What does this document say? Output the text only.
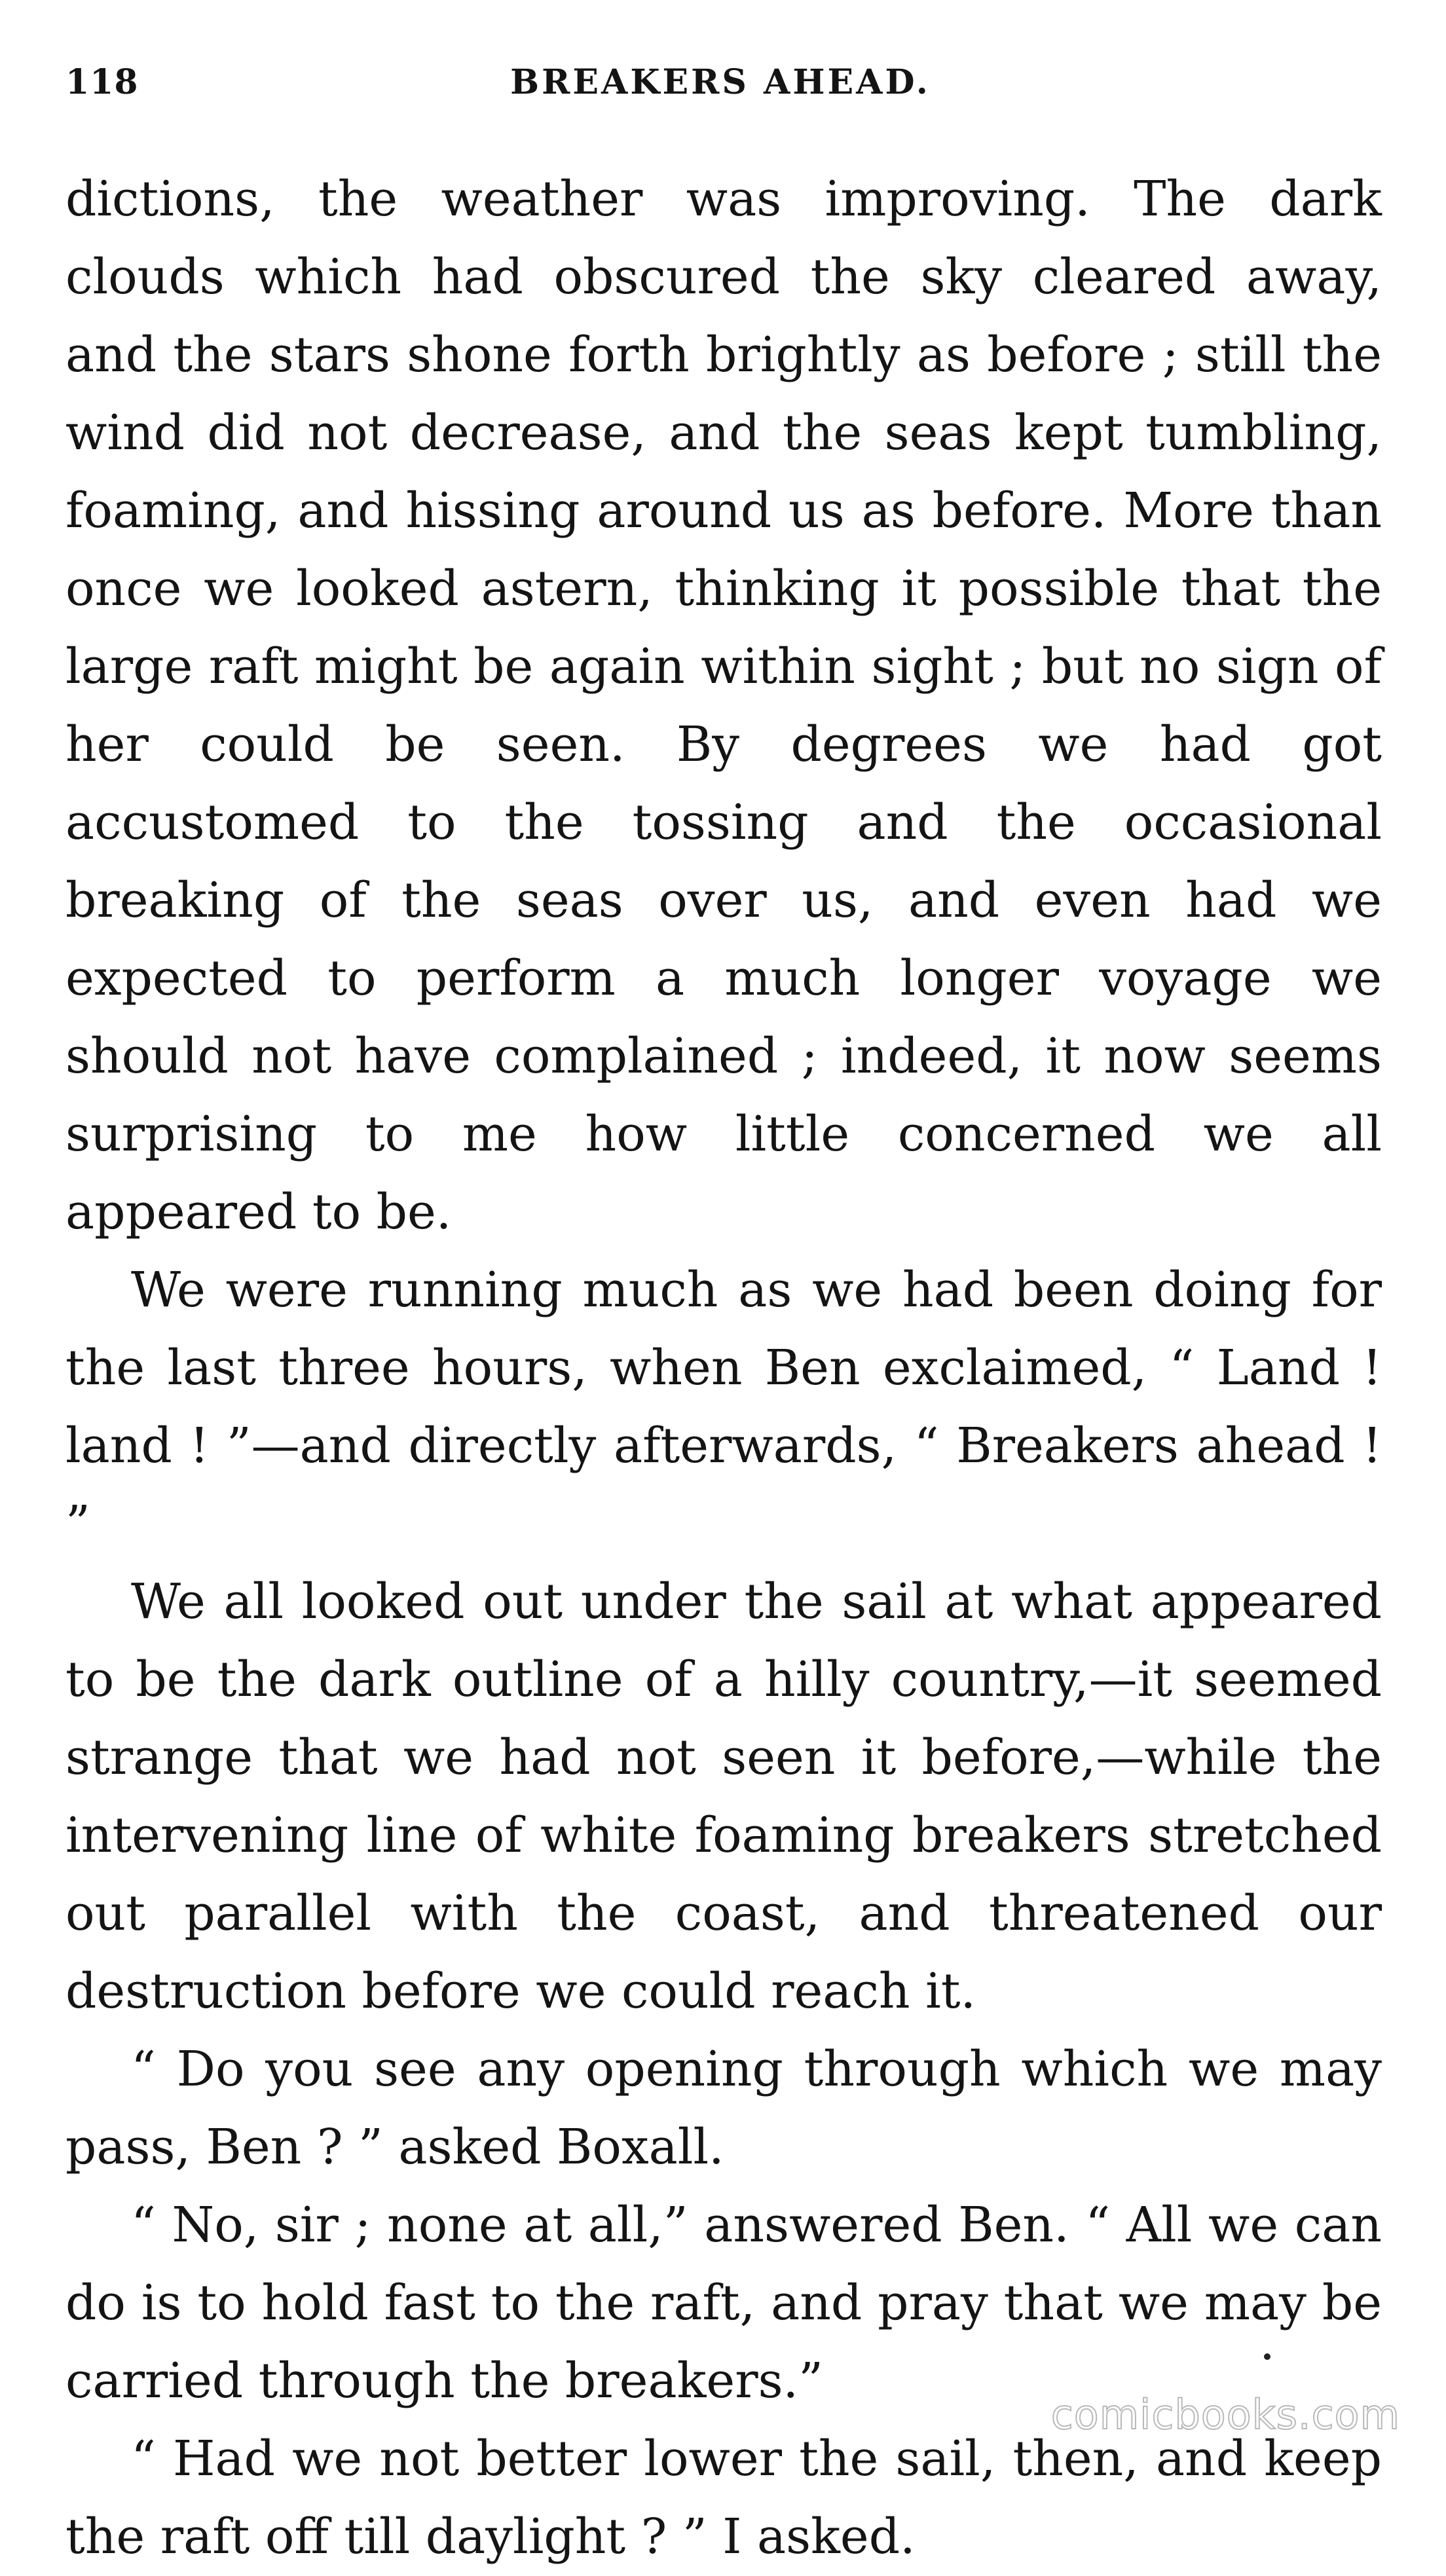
118	BREAKERS AHEAD.

dictions, the weather was improving. The dark clouds which had obscured the sky cleared away, and the stars shone forth brightly as before ; still the wind did not decrease, and the seas kept tumbling, foaming, and hissing around us as before. More than once we looked astern, thinking it possible that the large raft might be again within sight ; but no sign of her could be seen. By degrees we had got accustomed to the tossing and the occasional breaking of the seas over us, and even had we expected to perform a much longer voyage we should not have complained ; indeed, it now seems surprising to me how little concerned we all appeared to be.

We were running much as we had been doing for the last three hours, when Ben exclaimed, “ Land ! land ! ”—and directly afterwards, “ Breakers ahead ! ”

We all looked out under the sail at what appeared to be the dark outline of a hilly country,—it seemed strange that we had not seen it before,—while the intervening line of white foaming breakers stretched out parallel with the coast, and threatened our destruction before we could reach it.

“ Do you see any opening through which we may pass, Ben ? ” asked Boxall.

“ No, sir ; none at all,” answered Ben. “ All we can do is to hold fast to the raft, and pray that we may be carried through the breakers.”

“ Had we not better lower the sail, then, and keep the raft off till daylight ? ” I asked.

comicbooks.com
